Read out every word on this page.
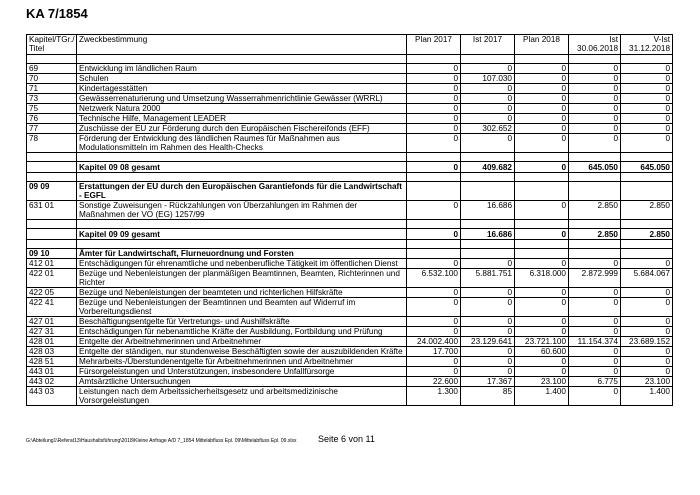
KA 7/1854
Kapitel/TGr./ Titel	Zweckbestimmung	Plan 2017	Ist 2017	Plan 2018	Ist 30.06.2018	V-Ist 31.12.2018

69	Entwicklung im ländlichen Raum	0	0	0	0	0
70	Schulen	0	107.030	0	0	0
71	Kindertagesstätten	0	0	0	0	0
73	Gewässerrenaturierung und Umsetzung Wasserrahmenrichtlinie Gewässer (WRRL)	0	0	0	0	0
75	Netzwerk Natura 2000	0	0	0	0	0
76	Technische Hilfe, Management LEADER	0	0	0	0	0
77	Zuschüsse der EU zur Förderung durch den Europäischen Fischereifonds (EFF)	0	302.652	0	0	0
78	Förderung der Entwicklung des ländlichen Raumes für Maßnahmen aus Modulationsmitteln im Rahmen des Health-Checks	0	0	0	0	0

	Kapitel 09 08 gesamt	0	409.682	0	645.050	645.050

09 09	Erstattungen der EU durch den Europäischen Garantiefonds für die Landwirtschaft - EGFL					
631 01	Sonstige Zuweisungen - Rückzahlungen von Überzahlungen im Rahmen der Maßnahmen der VO (EG) 1257/99	0	16.686	0	2.850	2.850

	Kapitel 09 09 gesamt	0	16.686	0	2.850	2.850

09 10	Ämter für Landwirtschaft, Flurneuordnung und Forsten					
412 01	Entschädigungen für ehrenamtliche und nebenberufliche Tätigkeit im öffentlichen Dienst	0	0	0	0	0
422 01	Bezüge und Nebenleistungen der planmäßigen Beamtinnen, Beamten, Richterinnen und Richter	6.532.100	5.881.751	6.318.000	2.872.999	5.684.067
422 05	Bezüge und Nebenleistungen der beamteten und richterlichen Hilfskräfte	0	0	0	0	0
422 41	Bezüge und Nebenleistungen der Beamtinnen und Beamten auf Widerruf im Vorbereitungsdienst	0	0	0	0	0
427 01	Beschäftigungsentgelte für Vertretungs- und Aushilfskräfte	0	0	0	0	0
427 31	Entschädigungen für nebenamtliche Kräfte der Ausbildung, Fortbildung und Prüfung	0	0	0	0	0
428 01	Entgelte der Arbeitnehmerinnen und Arbeitnehmer	24.002.400	23.129.641	23.721.100	11.154.374	23.689.152
428 03	Entgelte der ständigen, nur stundenweise Beschäftigten sowie der auszubildenden Kräfte	17.700	0	60.600	0	0
428 51	Mehrarbeits-/Überstundenentgelte für Arbeitnehmerinnen und Arbeitnehmer	0	0	0	0	0
443 01	Fürsorgeleistungen und Unterstützungen, insbesondere Unfallfürsorge	0	0	0	0	0
443 02	Amtsärztliche Untersuchungen	22.600	17.367	23.100	6.775	23.100
443 03	Leistungen nach dem Arbeitssicherheitsgesetz und arbeitsmedizinische Vorsorgeleistungen	1.300	85	1.400	0	1.400
G:\Abteilung1\Referat13\Haushaltsführung\2018\Kleine Anfrage A/D 7_1854 Mittelabfluss Epl. 09\Mittelabfluss Epl. 09.xlsx Seite 6 von 11
